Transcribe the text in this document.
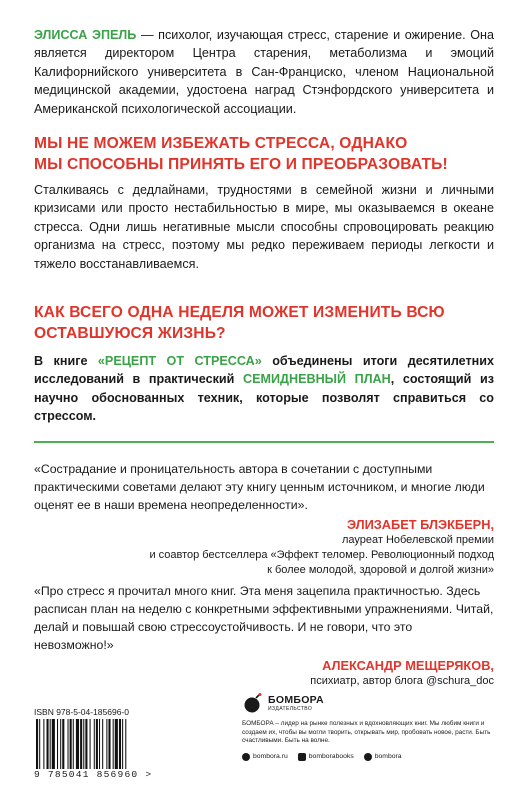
ЭЛИССА ЭПЕЛЬ — психолог, изучающая стресс, старение и ожирение. Она является директором Центра старения, метаболизма и эмоций Калифорнийского университета в Сан-Франциско, членом Национальной медицинской академии, удостоена наград Стэнфордского университета и Американской психологической ассоциации.
МЫ НЕ МОЖЕМ ИЗБЕЖАТЬ СТРЕССА, ОДНАКО
МЫ СПОСОБНЫ ПРИНЯТЬ ЕГО И ПРЕОБРАЗОВАТЬ!
Сталкиваясь с дедлайнами, трудностями в семейной жизни и личными кризисами или просто нестабильностью в мире, мы оказываемся в океане стресса. Одни лишь негативные мысли способны спровоцировать реакцию организма на стресс, поэтому мы редко переживаем периоды легкости и тяжело восстанавливаемся.
КАК ВСЕГО ОДНА НЕДЕЛЯ МОЖЕТ ИЗМЕНИТЬ ВСЮ
ОСТАВШУЮСЯ ЖИЗНЬ?
В книге «РЕЦЕПТ ОТ СТРЕССА» объединены итоги десятилетних исследований в практический СЕМИДНЕВНЫЙ ПЛАН, состоящий из научно обоснованных техник, которые позволят справиться со стрессом.
«Сострадание и проницательность автора в сочетании с доступными практическими советами делают эту книгу ценным источником, и многие люди оценят ее в наши времена неопределенности».
ЭЛИЗАБЕТ БЛЭКБЕРН,
лауреат Нобелевской премии
и соавтор бестселлера «Эффект теломер. Революционный подход
к более молодой, здоровой и долгой жизни»
«Про стресс я прочитал много книг. Эта меня зацепила практичностью. Здесь расписан план на неделю с конкретными эффективными упражнениями. Читай, делай и повышай свою стрессоустойчивость. И не говори, что это невозможно!»
АЛЕКСАНДР МЕЩЕРЯКОВ,
психиатр, автор блога @schura_doc
ISBN 978-5-04-185696-0
9 785041 856960 >
БОМБОРА
ИЗДАТЕЛЬСТВО
БОМБОРА – лидер на рынке полезных и вдохновляющих книг. Мы любим книги и создаем их, чтобы вы могли творить, открывать мир, пробовать новое, расти. Быть счастливыми. Быть на волне.
bombora.ru	bomborabooks	bombora
